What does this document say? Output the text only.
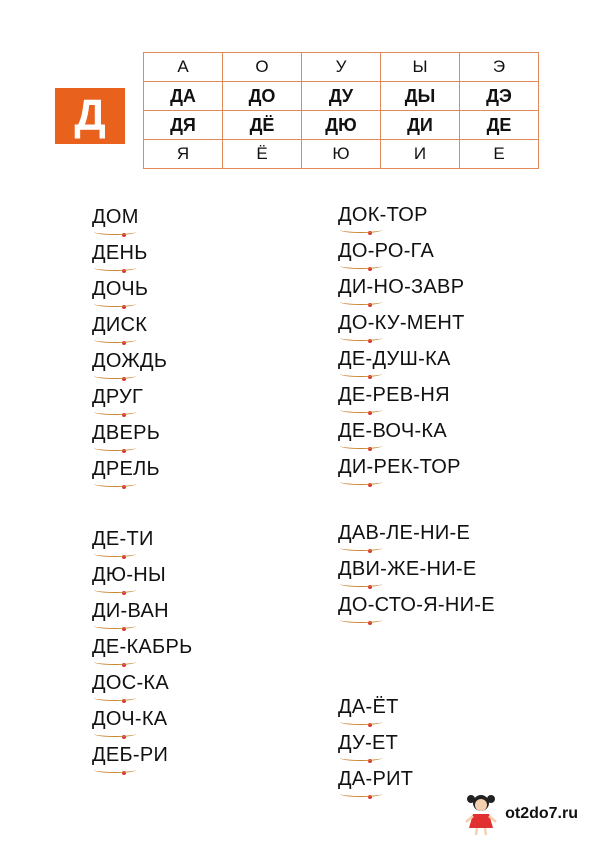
Д
А	О	У	Ы	Э
ДА	ДО	ДУ	ДЫ	ДЭ
ДЯ	ДЁ	ДЮ	ДИ	ДЕ
Я	Ё	Ю	И	Е
ДОМ
ДЕНЬ
ДОЧЬ
ДИСК
ДОЖДЬ
ДРУГ
ДВЕРЬ
ДРЕЛЬ
ДЕ-ТИ
ДЮ-НЫ
ДИ-ВАН
ДЕ-КАБРЬ
ДОС-КА
ДОЧ-КА
ДЕБ-РИ
ДОК-ТОР
ДО-РО-ГА
ДИ-НО-ЗАВР
ДО-КУ-МЕНТ
ДЕ-ДУШ-КА
ДЕ-РЕВ-НЯ
ДЕ-ВОЧ-КА
ДИ-РЕК-ТОР
ДАВ-ЛЕ-НИ-Е
ДВИ-ЖЕ-НИ-Е
ДО-СТО-Я-НИ-Е
ДА-ЁТ
ДУ-ЕТ
ДА-РИТ
ot2do7.ru
